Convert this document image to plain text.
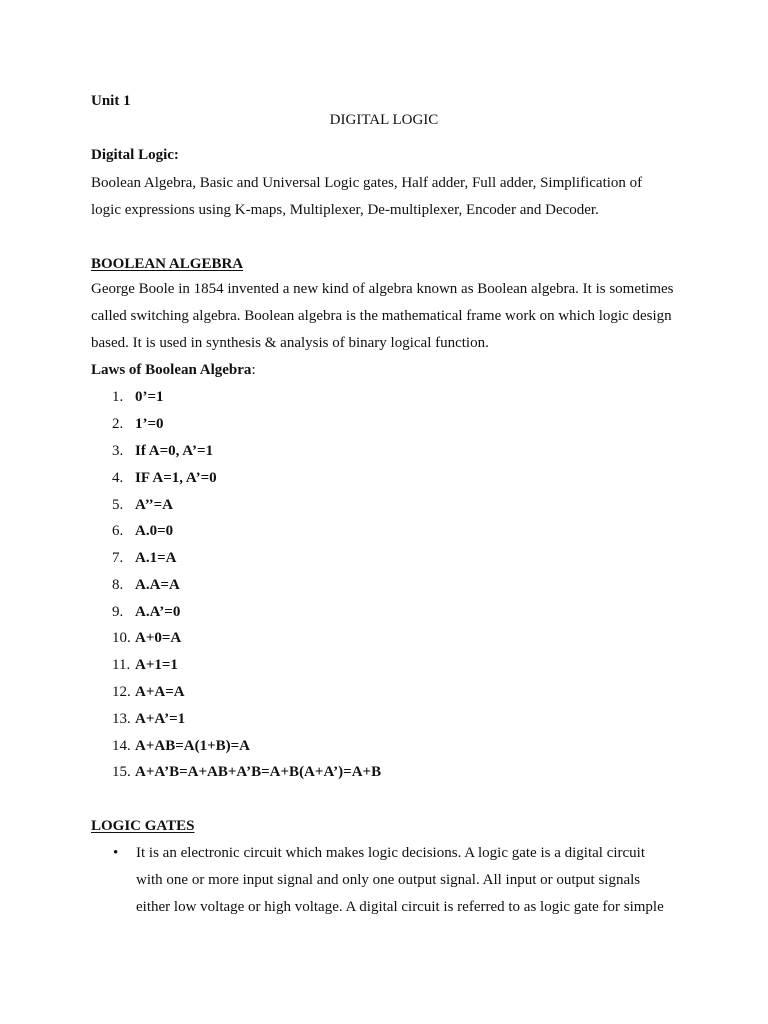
Unit 1
DIGITAL LOGIC
Digital Logic:
Boolean Algebra, Basic and Universal Logic gates, Half adder, Full adder, Simplification of
logic expressions using K-maps, Multiplexer, De-multiplexer, Encoder and Decoder.
BOOLEAN ALGEBRA
George Boole in 1854 invented a new kind of algebra known as Boolean algebra. It is sometimes
called switching algebra. Boolean algebra is the mathematical frame work on which logic design
based. It is used in synthesis & analysis of binary logical function.
Laws of Boolean Algebra:
1. 0’=1
2. 1’=0
3. If A=0, A’=1
4. IF A=1, A’=0
5. A’’=A
6. A.0=0
7. A.1=A
8. A.A=A
9. A.A’=0
10. A+0=A
11. A+1=1
12. A+A=A
13. A+A’=1
14. A+AB=A(1+B)=A
15. A+A’B=A+AB+A’B=A+B(A+A’)=A+B
LOGIC GATES
• It is an electronic circuit which makes logic decisions. A logic gate is a digital circuit
with one or more input signal and only one output signal. All input or output signals
either low voltage or high voltage. A digital circuit is referred to as logic gate for simple
